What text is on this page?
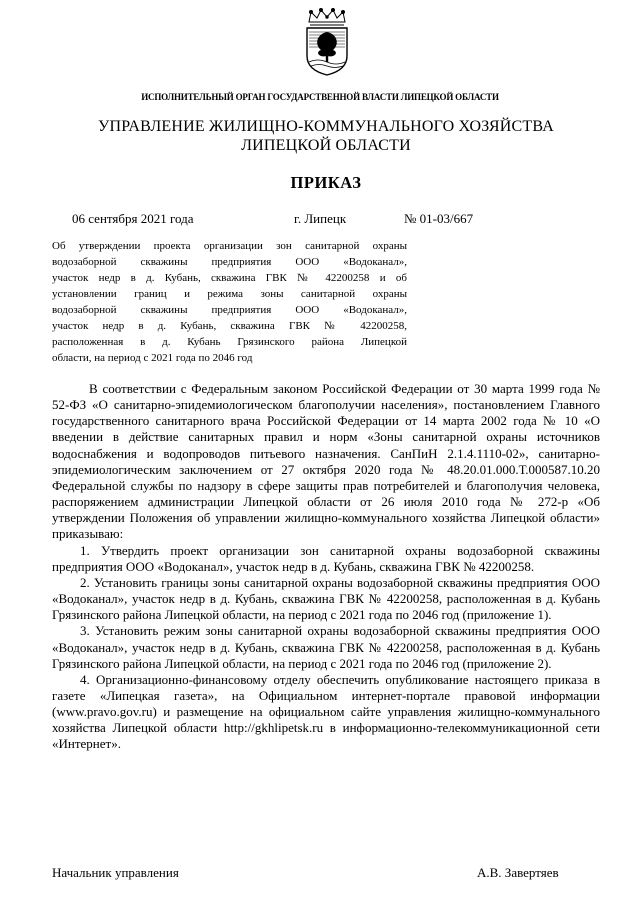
ИСПОЛНИТЕЛЬНЫЙ ОРГАН ГОСУДАРСТВЕННОЙ ВЛАСТИ ЛИПЕЦКОЙ ОБЛАСТИ
УПРАВЛЕНИЕ ЖИЛИЩНО-КОММУНАЛЬНОГО ХОЗЯЙСТВА
ЛИПЕЦКОЙ ОБЛАСТИ
ПРИКАЗ
06 сентября 2021 года	г. Липецк	№ 01-03/667
Об утверждении проекта организации зон санитарной охраны
водозаборной скважины предприятия ООО «Водоканал»,
участок недр в д. Кубань, скважина ГВК № 42200258 и об
установлении границ и режима зоны санитарной охраны
водозаборной скважины предприятия ООО «Водоканал»,
участок недр в д. Кубань, скважина ГВК № 42200258,
расположенная в д. Кубань Грязинского района Липецкой
области, на период с 2021 года по 2046 год

В соответствии с Федеральным законом Российской Федерации от 30 марта 1999 года № 52-ФЗ «О санитарно-эпидемиологическом благополучии населения», постановлением Главного государственного санитарного врача Российской Федерации от 14 марта 2002 года № 10 «О введении в действие санитарных правил и норм «Зоны санитарной охраны источников водоснабжения и водопроводов питьевого назначения. СанПиН 2.1.4.1110-02», санитарно-эпидемиологическим заключением от 27 октября 2020 года № 48.20.01.000.Т.000587.10.20 Федеральной службы по надзору в сфере защиты прав потребителей и благополучия человека, распоряжением администрации Липецкой области от 26 июля 2010 года № 272-р «Об утверждении Положения об управлении жилищно-коммунального хозяйства Липецкой области» приказываю:

1. Утвердить проект организации зон санитарной охраны водозаборной скважины предприятия ООО «Водоканал», участок недр в д. Кубань, скважина ГВК № 42200258.

2. Установить границы зоны санитарной охраны водозаборной скважины предприятия ООО «Водоканал», участок недр в д. Кубань, скважина ГВК № 42200258, расположенная в д. Кубань Грязинского района Липецкой области, на период с 2021 года по 2046 год (приложение 1).

3. Установить режим зоны санитарной охраны водозаборной скважины предприятия ООО «Водоканал», участок недр в д. Кубань, скважина ГВК № 42200258, расположенная в д. Кубань Грязинского района Липецкой области, на период с 2021 года по 2046 год (приложение 2).

4. Организационно-финансовому отделу обеспечить опубликование настоящего приказа в газете «Липецкая газета», на Официальном интернет-портале правовой информации (www.pravo.gov.ru) и размещение на официальном сайте управления жилищно-коммунального хозяйства Липецкой области http://gkhlipetsk.ru в информационно-телекоммуникационной сети «Интернет».

Начальник управления	А.В. Завертяев
